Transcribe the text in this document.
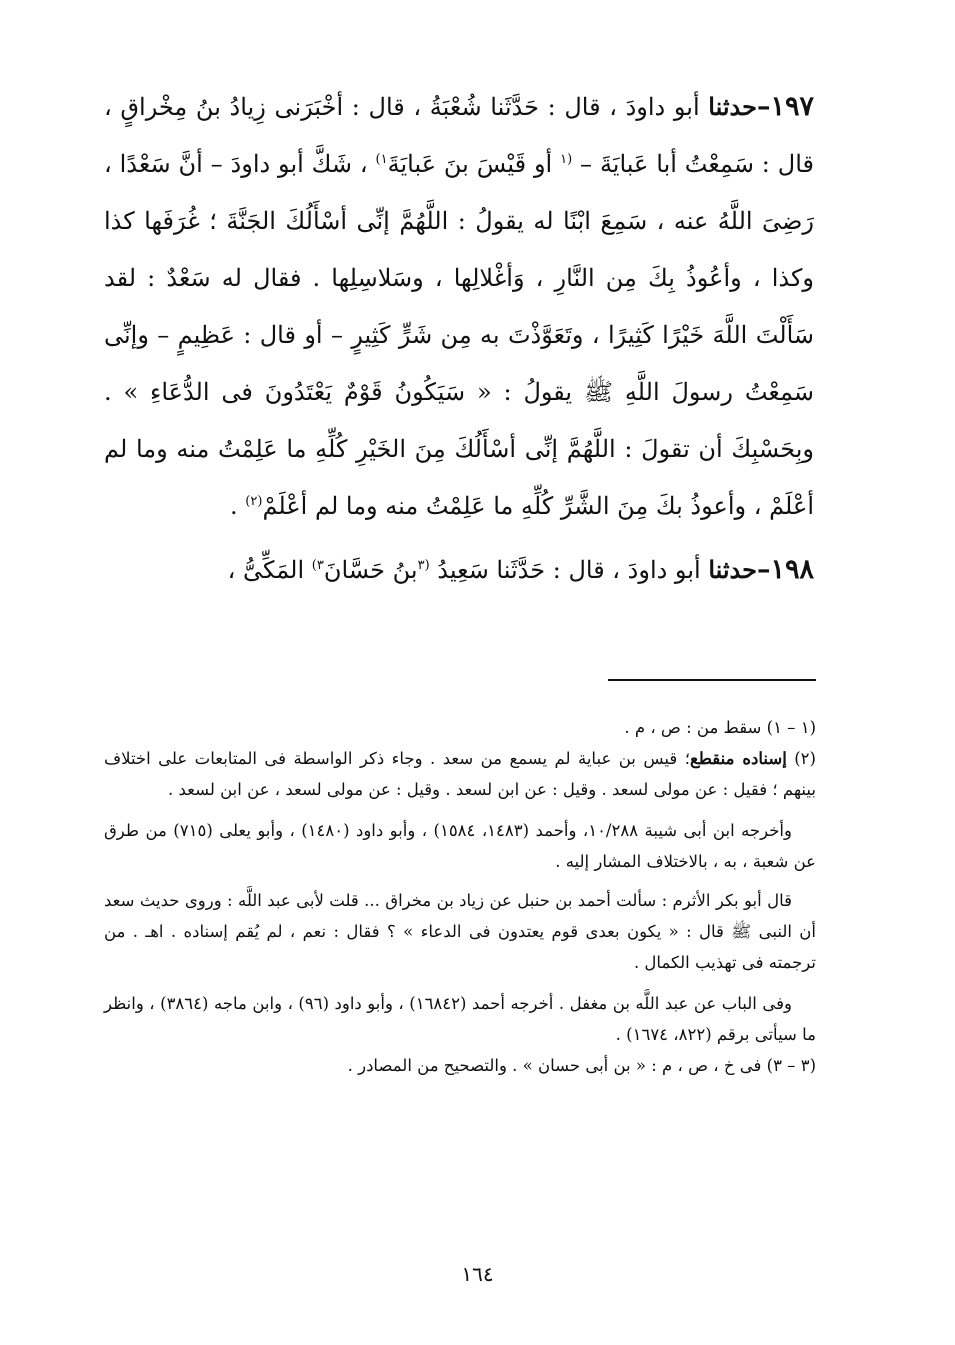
١٩٧–حدثنا أبو داودَ ، قال : حَدَّثَنا شُعْبَةُ ، قال : أخْبَرَنى زِيادُ بنُ مِخْراقٍ ، قال : سَمِعْتُ أبا عَبايَةَ – $^{(١}$ أو قَيْسَ بنَ عَبايَةَ$^{١)}$ ، شَكَّ أبو داودَ – أنَّ سَعْدًا ، رَضِىَ اللَّهُ عنه ، سَمِعَ ابْنًا له يقولُ : اللَّهُمَّ إنِّى أسْأَلُكَ الجَنَّةَ ؛ غُرَفَها كذا وكذا ، وأعُوذُ بِكَ مِن النَّارِ ، وَأغْلالِها ، وسَلاسِلِها . فقال له سَعْدٌ : لقد سَأَلْتَ اللَّهَ خَيْرًا كَثِيرًا ، وتَعَوَّذْتَ به مِن شَرٍّ كَثِيرٍ – أو قال : عَظِيمٍ – وإنِّى سَمِعْتُ رسولَ اللَّهِ ﷺ يقولُ : « سَيَكُونُ قَوْمٌ يَعْتَدُونَ فى الدُّعَاءِ » . وبِحَسْبِكَ أن تقولَ : اللَّهُمَّ إنِّى أسْأَلُكَ مِنَ الخَيْرِ كُلِّهِ ما عَلِمْتُ منه وما لم أعْلَمْ ، وأعوذُ بكَ مِنَ الشَّرِّ كُلِّهِ ما عَلِمْتُ منه وما لم أعْلَمْ$^{(٢)}$ .

١٩٨–حدثنا أبو داودَ ، قال : حَدَّثَنا سَعِيدُ $^{(٣}$بنُ حَسَّانَ$^{٣)}$ المَكِّىُّ ،

(١ – ١) سقط من : ص ، م .

(٢) إسناده منقطع؛ قيس بن عباية لم يسمع من سعد . وجاء ذكر الواسطة فى المتابعات على اختلاف بينهم ؛ فقيل : عن مولى لسعد . وقيل : عن ابن لسعد . وقيل : عن مولى لسعد ، عن ابن لسعد .

وأخرجه ابن أبى شيبة ١٠/٢٨٨، وأحمد (١٤٨٣، ١٥٨٤) ، وأبو داود (١٤٨٠) ، وأبو يعلى (٧١٥) من طرق عن شعبة ، به ، بالاختلاف المشار إليه .

قال أبو بكر الأثرم : سألت أحمد بن حنبل عن زياد بن مخراق ... قلت لأبى عبد اللَّه : وروى حديث سعد أن النبى ﷺ قال : « يكون بعدى قوم يعتدون فى الدعاء » ؟ فقال : نعم ، لم يُقم إسناده . اهـ . من ترجمته فى تهذيب الكمال .

وفى الباب عن عبد اللَّه بن مغفل . أخرجه أحمد (١٦٨٤٢) ، وأبو داود (٩٦) ، وابن ماجه (٣٨٦٤) ، وانظر ما سيأتى برقم (٨٢٢، ١٦٧٤) .

(٣ – ٣) فى خ ، ص ، م : « بن أبى حسان » . والتصحيح من المصادر .

١٦٤
